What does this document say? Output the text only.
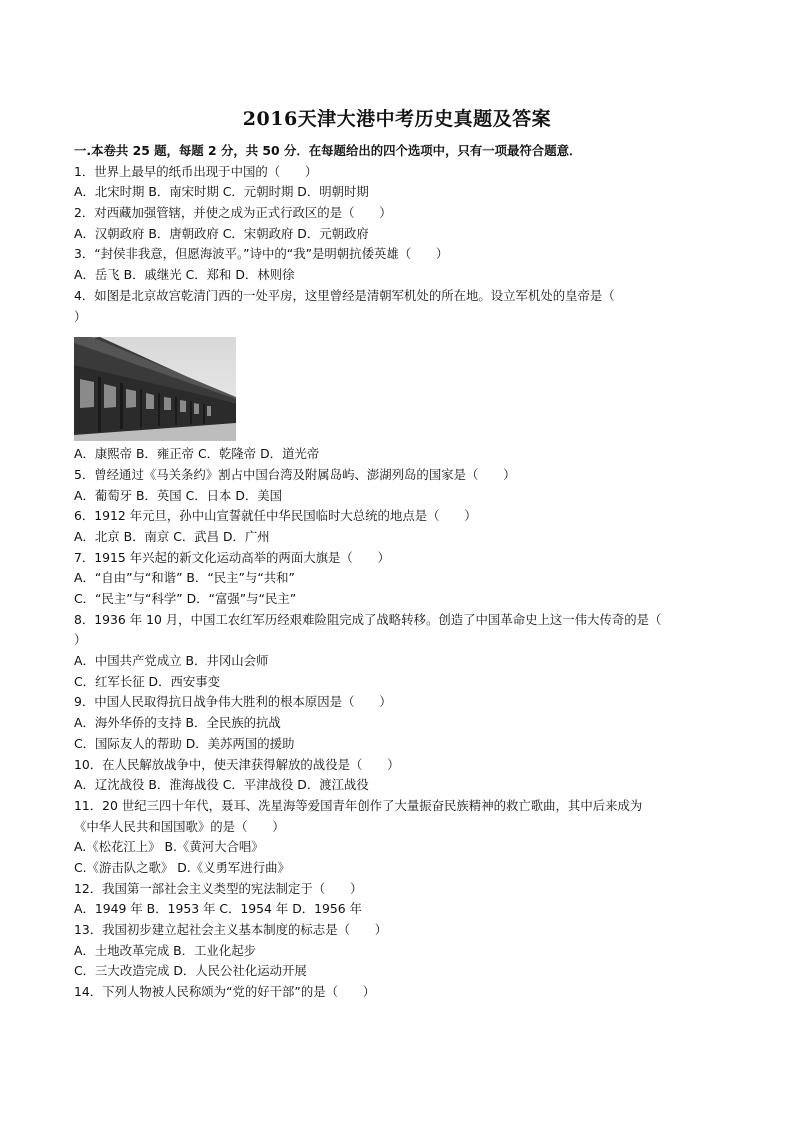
2016天津大港中考历史真题及答案
一.本卷共 25 题，每题 2 分，共 50 分．在每题给出的四个选项中，只有一项最符合题意．
1．世界上最早的纸币出现于中国的（　　）
A．北宋时期 B．南宋时期 C．元朝时期 D．明朝时期
2．对西藏加强管辖，并使之成为正式行政区的是（　　）
A．汉朝政府 B．唐朝政府 C．宋朝政府 D．元朝政府
3．“封侯非我意，但愿海波平。”诗中的“我”是明朝抗倭英雄（　　）
A．岳飞 B．戚继光 C．郑和 D．林则徐
4．如图是北京故宫乾清门西的一处平房，这里曾经是清朝军机处的所在地。设立军机处的皇帝是（
）
A．康熙帝 B．雍正帝 C．乾隆帝 D．道光帝
5．曾经通过《马关条约》割占中国台湾及附属岛屿、澎湖列岛的国家是（　　）
A．葡萄牙 B．英国 C．日本 D．美国
6．1912 年元旦，孙中山宣誓就任中华民国临时大总统的地点是（　　）
A．北京 B．南京 C．武昌 D．广州
7．1915 年兴起的新文化运动高举的两面大旗是（　　）
A．“自由”与“和谐” B．“民主”与“共和”
C．“民主”与“科学” D．“富强”与“民主”
8．1936 年 10 月，中国工农红军历经艰难险阻完成了战略转移。创造了中国革命史上这一伟大传奇的是（
）
A．中国共产党成立 B．井冈山会师
C．红军长征 D．西安事变
9．中国人民取得抗日战争伟大胜利的根本原因是（　　）
A．海外华侨的支持 B．全民族的抗战
C．国际友人的帮助 D．美苏两国的援助
10．在人民解放战争中，使天津获得解放的战役是（　　）
A．辽沈战役 B．淮海战役 C．平津战役 D．渡江战役
11．20 世纪三四十年代，聂耳、冼星海等爱国青年创作了大量振奋民族精神的救亡歌曲，其中后来成为
《中华人民共和国国歌》的是（　　）
A.《松花江上》 B.《黄河大合唱》
C.《游击队之歌》 D.《义勇军进行曲》
12．我国第一部社会主义类型的宪法制定于（　　）
A．1949 年 B．1953 年 C．1954 年 D．1956 年
13．我国初步建立起社会主义基本制度的标志是（　　）
A．土地改革完成 B．工业化起步
C．三大改造完成 D．人民公社化运动开展
14．下列人物被人民称颂为“党的好干部”的是（　　）
